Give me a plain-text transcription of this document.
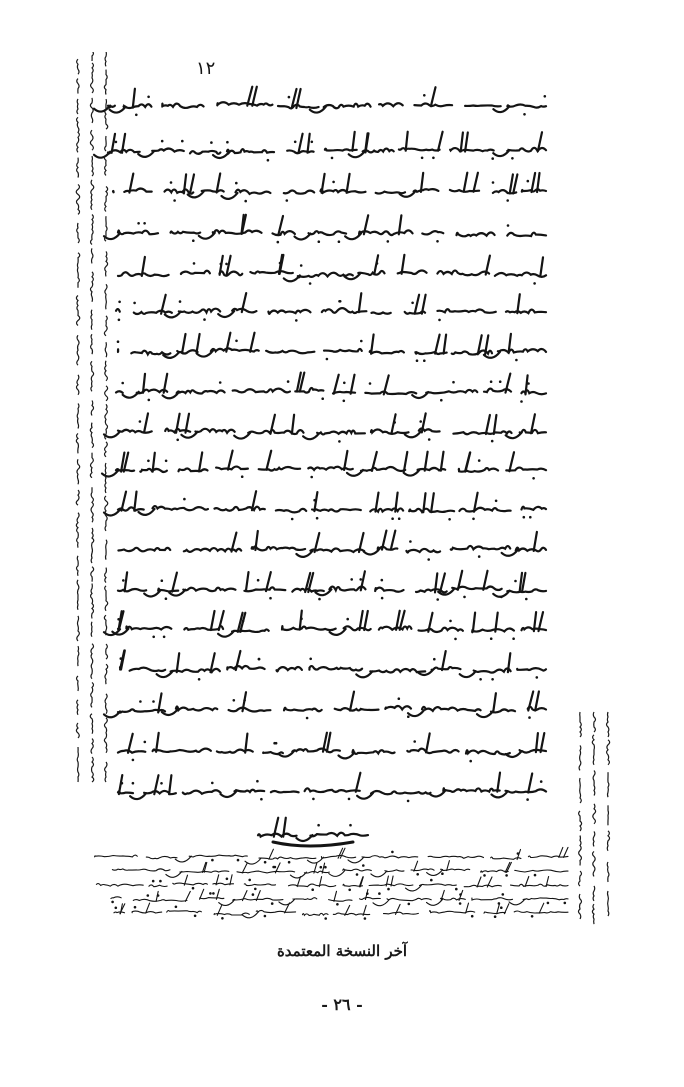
١٢
آخر النسخة المعتمدة
- ٢٦ -
